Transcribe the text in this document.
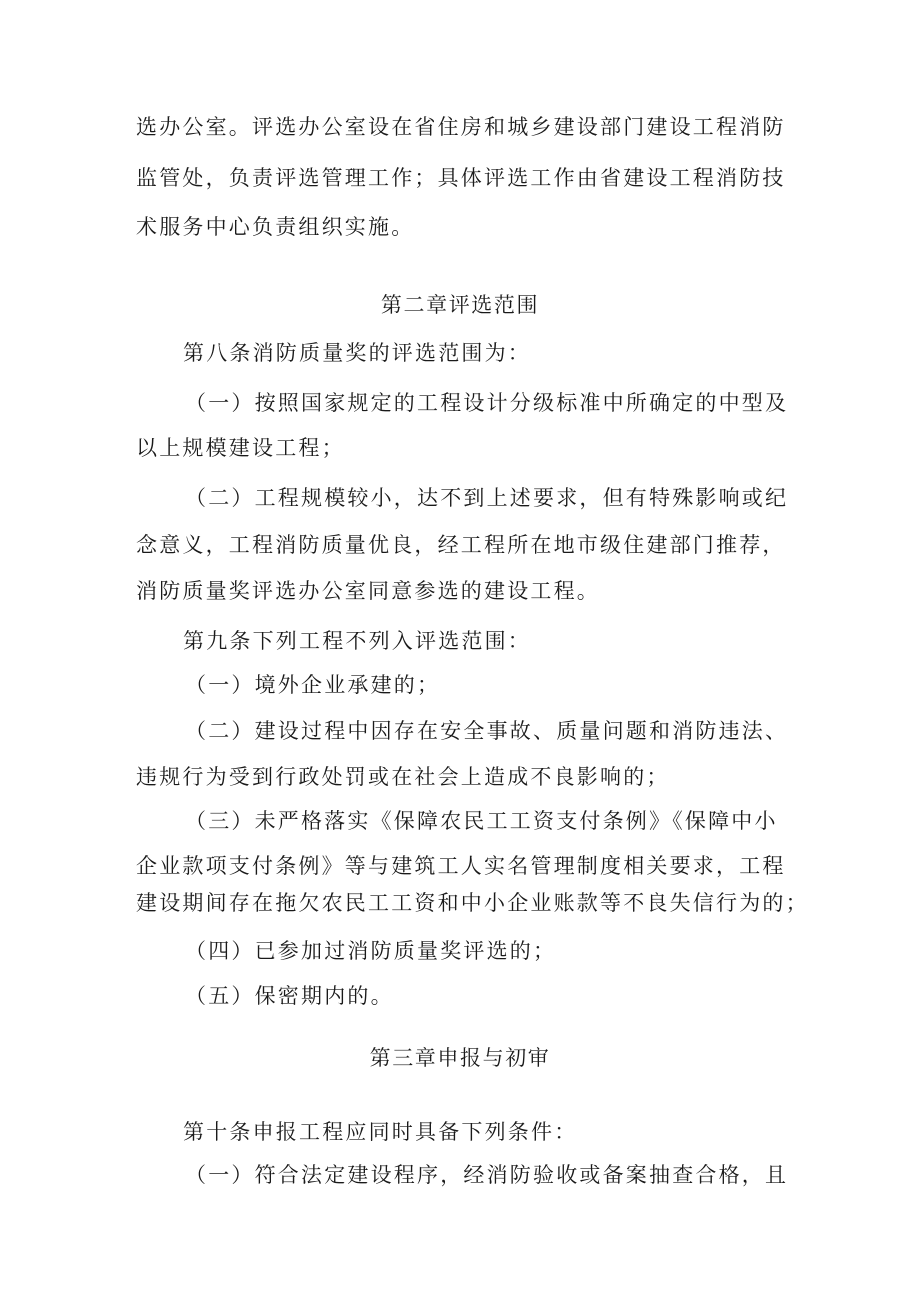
选办公室。评选办公室设在省住房和城乡建设部门建设工程消防
监管处，负责评选管理工作；具体评选工作由省建设工程消防技
术服务中心负责组织实施。
第二章评选范围
第八条消防质量奖的评选范围为：
（一）按照国家规定的工程设计分级标准中所确定的中型及
以上规模建设工程；
（二）工程规模较小，达不到上述要求，但有特殊影响或纪
念意义，工程消防质量优良，经工程所在地市级住建部门推荐，
消防质量奖评选办公室同意参选的建设工程。
第九条下列工程不列入评选范围：
（一）境外企业承建的；
（二）建设过程中因存在安全事故、质量问题和消防违法、
违规行为受到行政处罚或在社会上造成不良影响的；
（三）未严格落实《保障农民工工资支付条例》《保障中小
企业款项支付条例》等与建筑工人实名管理制度相关要求，工程
建设期间存在拖欠农民工工资和中小企业账款等不良失信行为的；
（四）已参加过消防质量奖评选的；
（五）保密期内的。
第三章申报与初审
第十条申报工程应同时具备下列条件：
（一）符合法定建设程序，经消防验收或备案抽查合格，且
